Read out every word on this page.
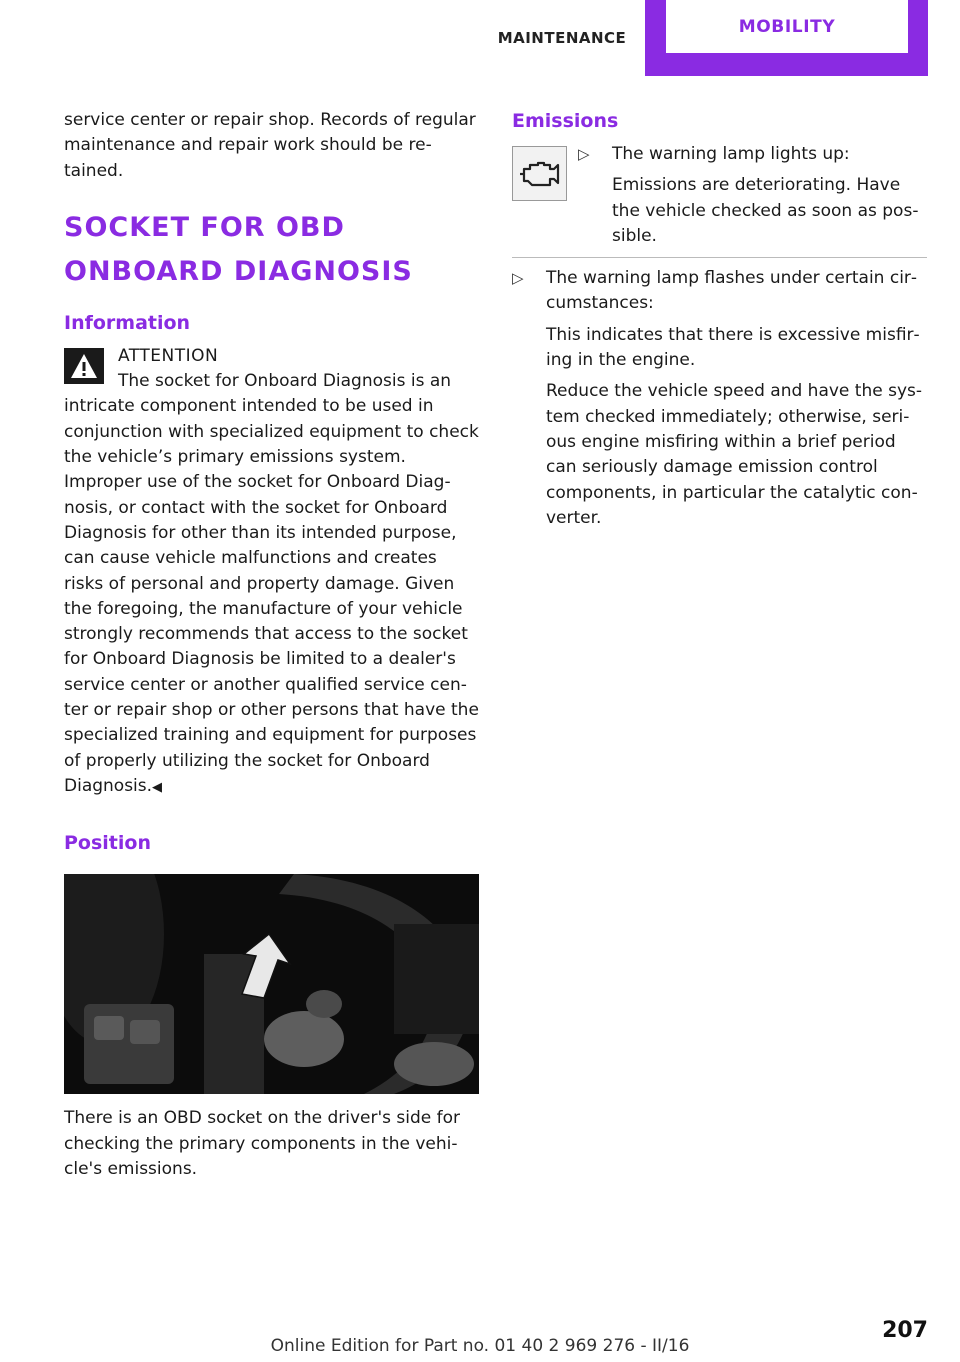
MAINTENANCE
MOBILITY

service center or repair shop. Records of regular maintenance and repair work should be retained.

SOCKET FOR OBD ONBOARD DIAGNOSIS
Information
ATTENTION

The socket for Onboard Diagnosis is an intricate component intended to be used in conjunction with specialized equipment to check the vehicle’s primary emissions system. Improper use of the socket for Onboard Diagnosis, or contact with the socket for Onboard Diagnosis for other than its intended purpose, can cause vehicle malfunctions and creates risks of personal and property damage. Given the foregoing, the manufacture of your vehicle strongly recommends that access to the socket for Onboard Diagnosis be limited to a dealer's service center or another qualified service center or repair shop or other persons that have the specialized training and equipment for purposes of properly utilizing the socket for Onboard Diagnosis.◀

Position

There is an OBD socket on the driver's side for checking the primary components in the vehicle's emissions.

Emissions
▷ The warning lamp lights up:

Emissions are deteriorating. Have the vehicle checked as soon as possible.

▷ The warning lamp flashes under certain circumstances:

This indicates that there is excessive misfiring in the engine.

Reduce the vehicle speed and have the system checked immediately; otherwise, serious engine misfiring within a brief period can seriously damage emission control components, in particular the catalytic converter.

Online Edition for Part no. 01 40 2 969 276 - II/16
207
